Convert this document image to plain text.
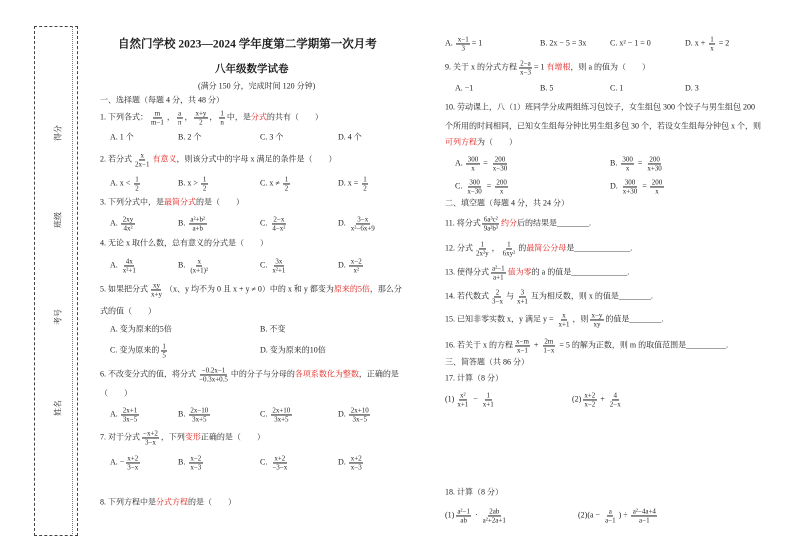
得分
班级
考号
姓名
自然门学校 2023—2024 学年度第二学期第一次月考
八年级数学试卷
(满分 150 分，完成时间 120 分钟)
一、选择题（每题 4 分，共 48 分）
1. 下列各式： $\frac{m}{m-1}$ ， $\frac{a}{\pi}$ ， $\frac{x+y}{2}$ ， $\frac{1}{n}$ 中，是 分式 的共有（　　）
A. 1 个	B. 2 个	C. 3 个	D. 4 个
2. 若分式 $\frac{x}{2x-1}$ 有意义 ，则该分式中的字母 x 满足的条件是（　　）
A. $x < \frac{1}{2}$	B. $x > \frac{1}{2}$	C. $x \ne \frac{1}{2}$	D. $x = \frac{1}{2}$
3. 下列分式中，是 最简分式 的是（　　）
A. $\frac{2xy}{\text{4x²}}$	B. $\frac{\text{a²+b²}}{a+b}$	C. $\frac{2-x}{\text{4−x²}}$	D. $\frac{3-x}{\text{x²−6x+9}}$
4. 无论 x 取什么数，总有意义的分式是（　　）
A. $\frac{4x}{\text{x²+1}}$	B. $\frac{x}{\text{(x+1)²}}$	C. $\frac{3x}{\text{x²+1}}$	D. $\frac{x-2}{\text{x²}}$
5. 如果把分式 $\frac{xy}{x+y} (x$、y 均不为 0 且 x + y ≠ 0）中的 x 和 y 都变为 原来的5倍 ，那么分
式的值（　　）
A. 变为原来的5倍	B. 不变
C. 变为原来的 $\frac{1}{5}$	D. 变为原来的10倍
6. 不改变分式的值，将分式 $\frac{-0.2x-1}{-0.3x+0.5}$ 中的分子与分母的 各项系数化为整数 ，正确的是
（　　）
A. $\frac{2x+1}{3x-5}$	B. $\frac{2x-10}{3x+5}$	C. $\frac{2x+10}{3x+5}$	D. $\frac{2x+10}{3x-5}$
7. 对于分式 $\frac{-x+2}{3-x}$ ，下列 变形 正确的是（　　）
A. − $\frac{x+2}{3-x}$	B. $\frac{x-2}{x-3}$	C. $\frac{x+2}{-3-x}$	D. $\frac{x+2}{x-3}$
8. 下列方程中是 分式方程 的是（　　）
A. $\frac{x-1}{3} = 1$	B. 2x − 5 = 3x	C. x² − 1 = 0	D. $x + \frac{1}{x} = 2$
9. 关于 x 的分式方程 $\frac{2-a}{x-3} = 1$ 有增根 ，则 a 的值为（　　）
A. −1	B. 5	C. 1	D. 3
10. 劳动课上，八（1）班同学分成两组练习包饺子，女生组包 300 个饺子与男生组包 200
个所用的时间相同，已知女生组每分钟比男生组多包 30 个，若设女生组每分钟包 x 个，则
可列方程 为（　　）
A. $\frac{300}{x} = \frac{200}{x-30}$	B. $\frac{300}{x} = \frac{200}{x+30}$
C. $\frac{300}{x-30} = \frac{200}{x}$	D. $\frac{300}{x+30} = \frac{200}{x}$
二、填空题（每题 4 分，共 24 分）
11. 将分式 $\frac{\text{6a³c²}}{\text{9a²b³}}$ 约分 后的结果是________.
12. 分式 $\frac{1}{\text{2x²y}}$ ， $\frac{1}{\text{6xy²}}$ 的 最简公分母 是______________.
13. 使得分式 $\frac{\text{a²−1}}{a+1}$ 值为零 的 a 的值是______________.
14. 若代数式 $\frac{2}{3-x}$ 与 $\frac{3}{x+1}$ 互为相反数，则 x 的值是________.
15. 已知非零实数 x，y 满足 $y = \frac{x}{x+1}$ ，则 $\frac{x-y}{xy}$ 的值是________.
16. 若关于 x 的方程 $\frac{x-m}{x-1} + \frac{2m}{1-x} = 5$ 的解为正数，则 m 的取值范围是__________.
三、简答题（共 86 分）
17. 计算（8 分）
$(1) \frac{\text{x²}}{x+1} - \frac{1}{x+1}$	$(2) \frac{x+2}{x-2} + \frac{4}{2-x}$
18. 计算（8 分）
$(1) \frac{\text{a²−1}}{ab} \cdot \frac{2ab}{\text{a²+2a+1}}$	(2) ($a - \frac{a}{a-1}$ ) ÷ $\frac{\text{a²−4a+4}}{a-1}$
